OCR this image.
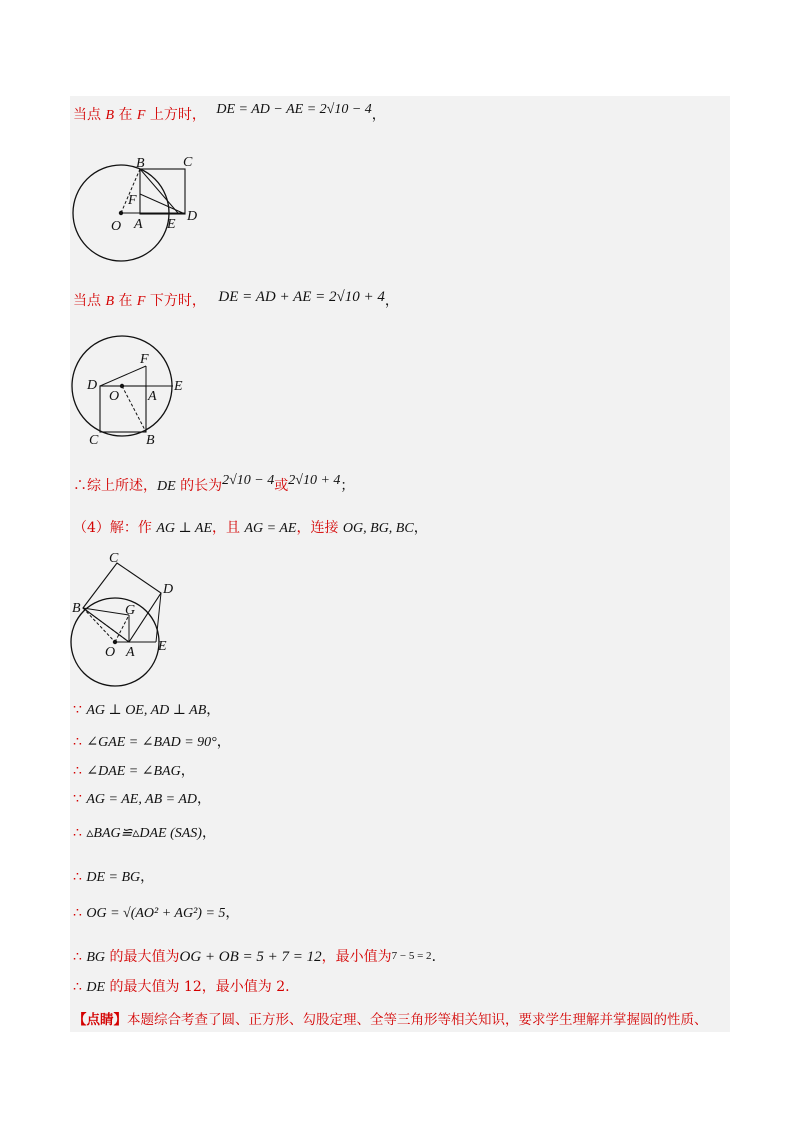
当点 B 在 F 上方时， DE = AD − AE = 2√10 − 4，
B	C
F
O A E
D
当点 B 在 F 下方时， DE = AD + AE = 2√10 + 4，
F
D
O A
E
C	B
∴综上所述，DE 的长为2√10 − 4或2√10 + 4；
（4）解：作 AG ⊥ AE，且 AG = AE，连接 OG, BG, BC，
C
D
B	G
O A E
∵ AG ⊥ OE, AD ⊥ AB，
∴ ∠GAE = ∠BAD = 90°，
∴ ∠DAE = ∠BAG，
∵ AG = AE, AB = AD，
∴ ▵BAG≌▵DAE (SAS)，
∴ DE = BG，
∴ OG = √(AO² + AG²) = 5，
∴ BG 的最大值为OG + OB = 5 + 7 = 12，最小值为7 − 5 = 2．
∴ DE 的最大值为 12，最小值为 2.
【点睛】本题综合考查了圆、正方形、勾股定理、全等三角形等相关知识，要求学生理解并掌握圆的性质、
